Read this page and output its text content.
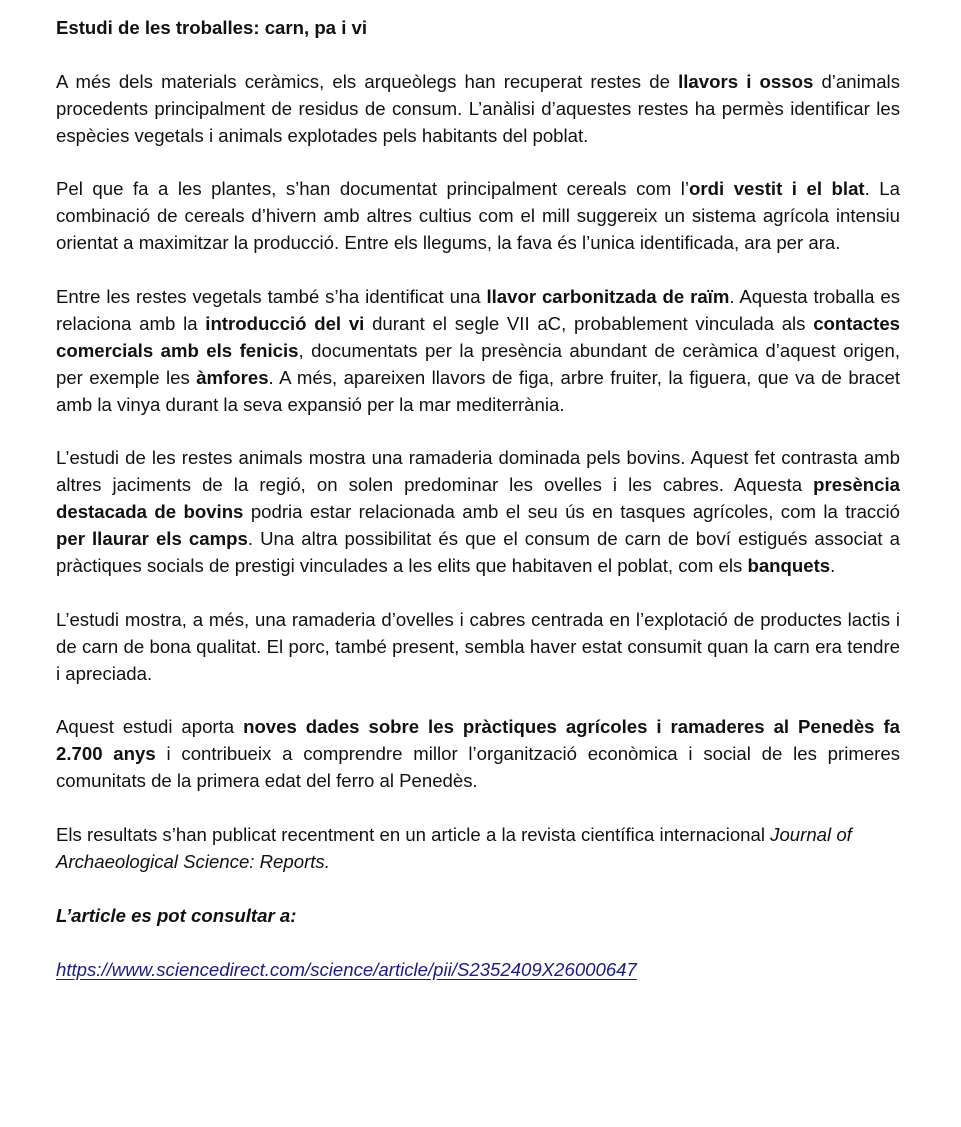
Estudi de les troballes: carn, pa i vi

A més dels materials ceràmics, els arqueòlegs han recuperat restes de llavors i ossos d’animals procedents principalment de residus de consum. L’anàlisi d’aquestes restes ha permès identificar les espècies vegetals i animals explotades pels habitants del poblat.

Pel que fa a les plantes, s’han documentat principalment cereals com l’ordi vestit i el blat. La combinació de cereals d’hivern amb altres cultius com el mill suggereix un sistema agrícola intensiu orientat a maximitzar la producció. Entre els llegums, la fava és l’unica identificada, ara per ara.

Entre les restes vegetals també s’ha identificat una llavor carbonitzada de raïm. Aquesta troballa es relaciona amb la introducció del vi durant el segle VII aC, probablement vinculada als contactes comercials amb els fenicis, documentats per la presència abundant de ceràmica d’aquest origen, per exemple les àmfores. A més, apareixen llavors de figa, arbre fruiter, la figuera, que va de bracet amb la vinya durant la seva expansió per la mar mediterrània.

L’estudi de les restes animals mostra una ramaderia dominada pels bovins. Aquest fet contrasta amb altres jaciments de la regió, on solen predominar les ovelles i les cabres. Aquesta presència destacada de bovins podria estar relacionada amb el seu ús en tasques agrícoles, com la tracció per llaurar els camps. Una altra possibilitat és que el consum de carn de boví estigués associat a pràctiques socials de prestigi vinculades a les elits que habitaven el poblat, com els banquets.

L’estudi mostra, a més, una ramaderia d’ovelles i cabres centrada en l’explotació de productes lactis i de carn de bona qualitat. El porc, també present, sembla haver estat consumit quan la carn era tendre i apreciada.

Aquest estudi aporta noves dades sobre les pràctiques agrícoles i ramaderes al Penedès fa 2.700 anys i contribueix a comprendre millor l’organització econòmica i social de les primeres comunitats de la primera edat del ferro al Penedès.

Els resultats s’han publicat recentment en un article a la revista científica internacional Journal of Archaeological Science: Reports.

L’article es pot consultar a:
https://www.sciencedirect.com/science/article/pii/S2352409X26000647
